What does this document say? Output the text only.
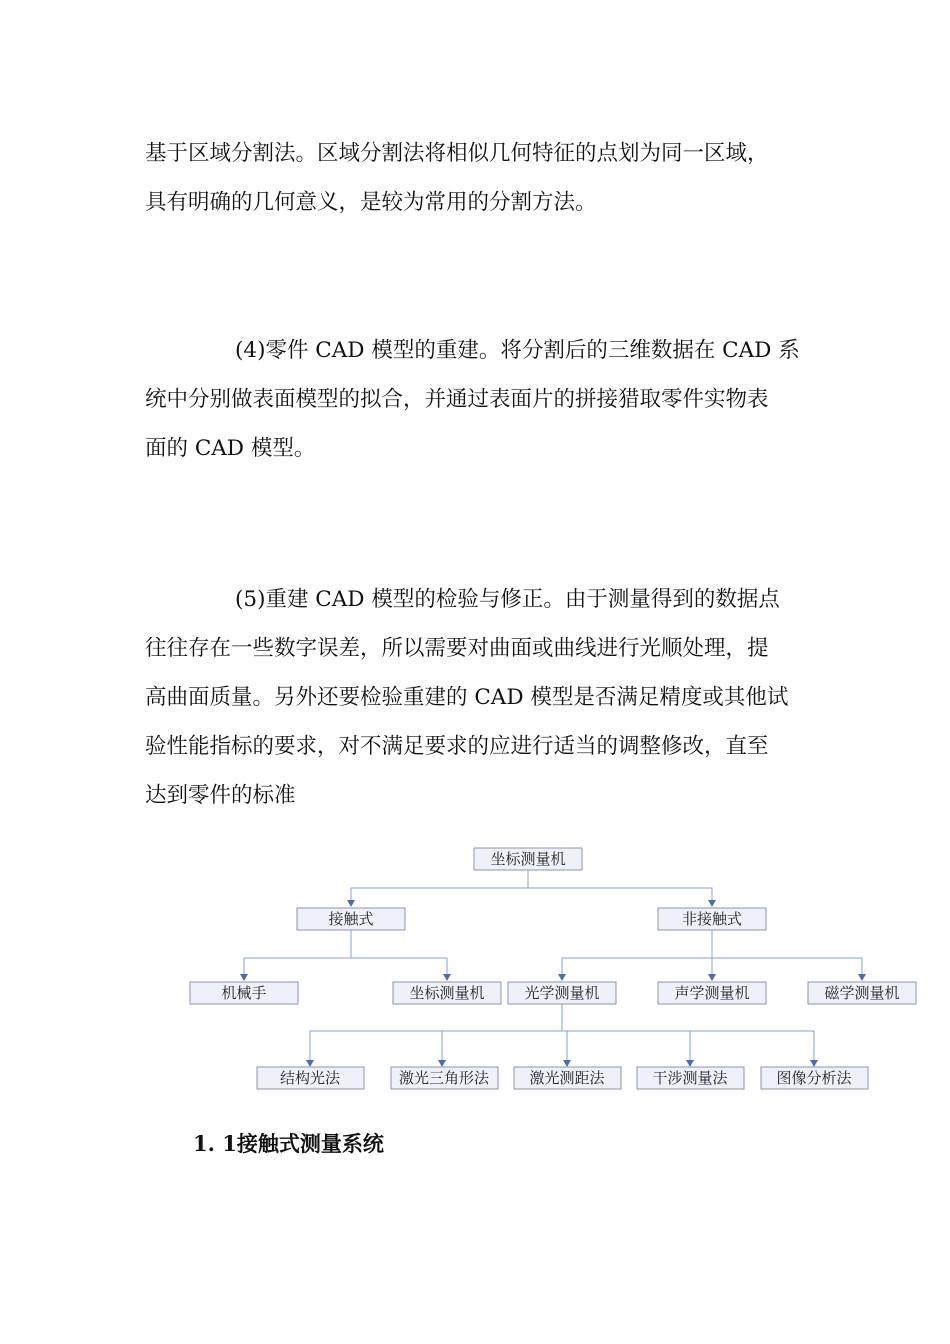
基于区域分割法。区域分割法将相似几何特征的点划为同一区域，
具有明确的几何意义，是较为常用的分割方法。

(4)零件 CAD 模型的重建。将分割后的三维数据在 CAD 系
统中分别做表面模型的拟合，并通过表面片的拼接猎取零件实物表
面的 CAD 模型。

(5)重建 CAD 模型的检验与修正。由于测量得到的数据点
往往存在一些数字误差，所以需要对曲面或曲线进行光顺处理，提
高曲面质量。另外还要检验重建的 CAD 模型是否满足精度或其他试
验性能指标的要求，对不满足要求的应进行适当的调整修改，直至
达到零件的标准

坐标测量机
接触式	非接触式
机械手	坐标测量机	光学测量机	声学测量机	磁学测量机
结构光法	激光三角形法	激光测距法	干涉测量法	图像分析法
1. 1接触式测量系统
